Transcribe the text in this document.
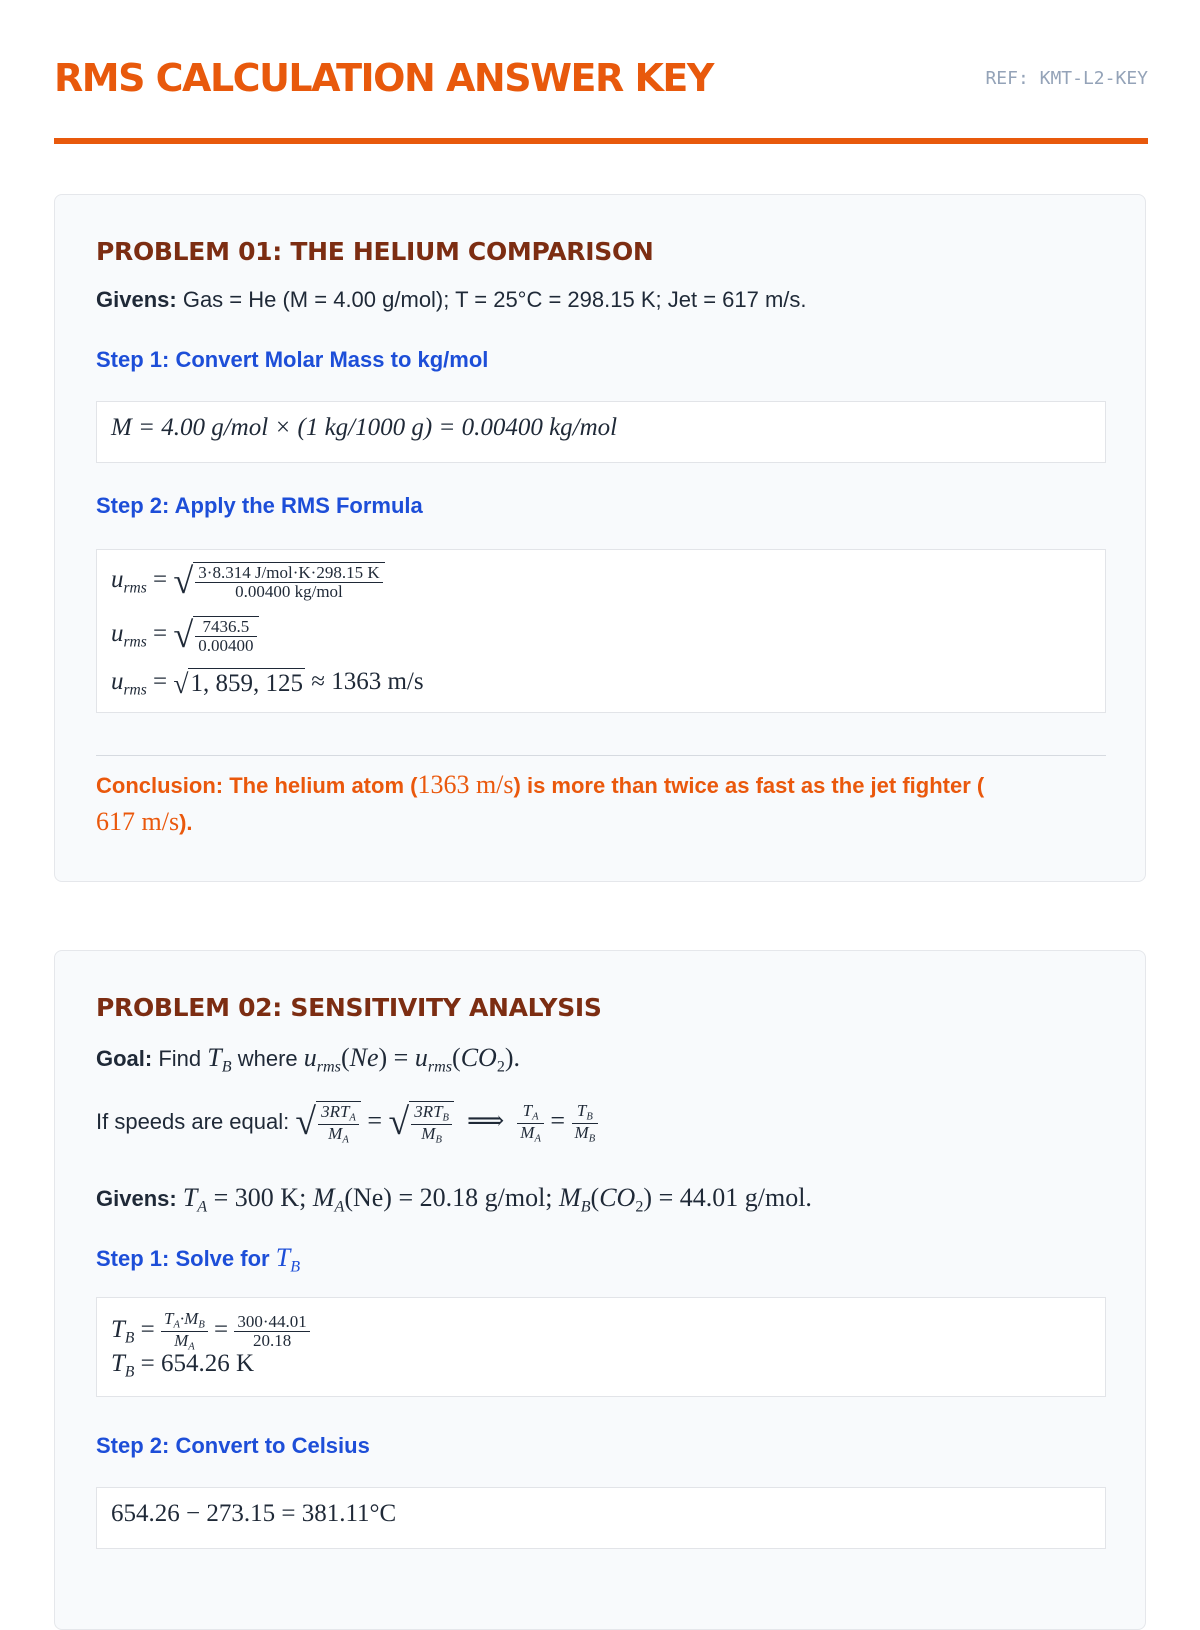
RMS CALCULATION ANSWER KEY	REF: KMT-L2-KEY
PROBLEM 01: THE HELIUM COMPARISON
Givens: Gas = He (M = 4.00 g/mol); T = 25°C = 298.15 K; Jet = 617 m/s.
Step 1: Convert Molar Mass to kg/mol
M = 4.00 g/mol × (1 kg/1000 g) = 0.00400 kg/mol
Step 2: Apply the RMS Formula
$u_{rms}$ = √ $\frac{\text{3·8.314 J/mol·K·298.15 K}}{\text{0.00400 kg/mol}}$
$u_{rms}$ = √ $\frac{7436.5}{0.00400}$
$u_{rms} = √1$, 859, 125 ≈ 1363 m/s
Conclusion: The helium atom (1363 m/s) is more than twice as fast as the jet fighter (
617 m/s).
PROBLEM 02: SENSITIVITY ANALYSIS
Goal: Find $T_B$ where $u_{rms}(Ne) = u_{rms}(CO_2)$.
If speeds are equal: √ $\frac{3RT_A}{M_A}$ = √ $\frac{3RT_B}{M_B}$ ⟹ $\frac{T_A}{M_A} = \frac{T_B}{M_B}$
Givens: $T_A = 300$ K; $M_A(Ne) = 20.18$ g/mol; $M_B(CO_2) = 44.01$ g/mol.
Step 1: Solve for $T_B$
$T_B = \frac{T_A\cdot M_B}{M_A} = \frac{300\cdot 44.01}{20.18}$
$T_B = 654.26$ K
Step 2: Convert to Celsius
654.26 − 273.15 = 381.11°C
